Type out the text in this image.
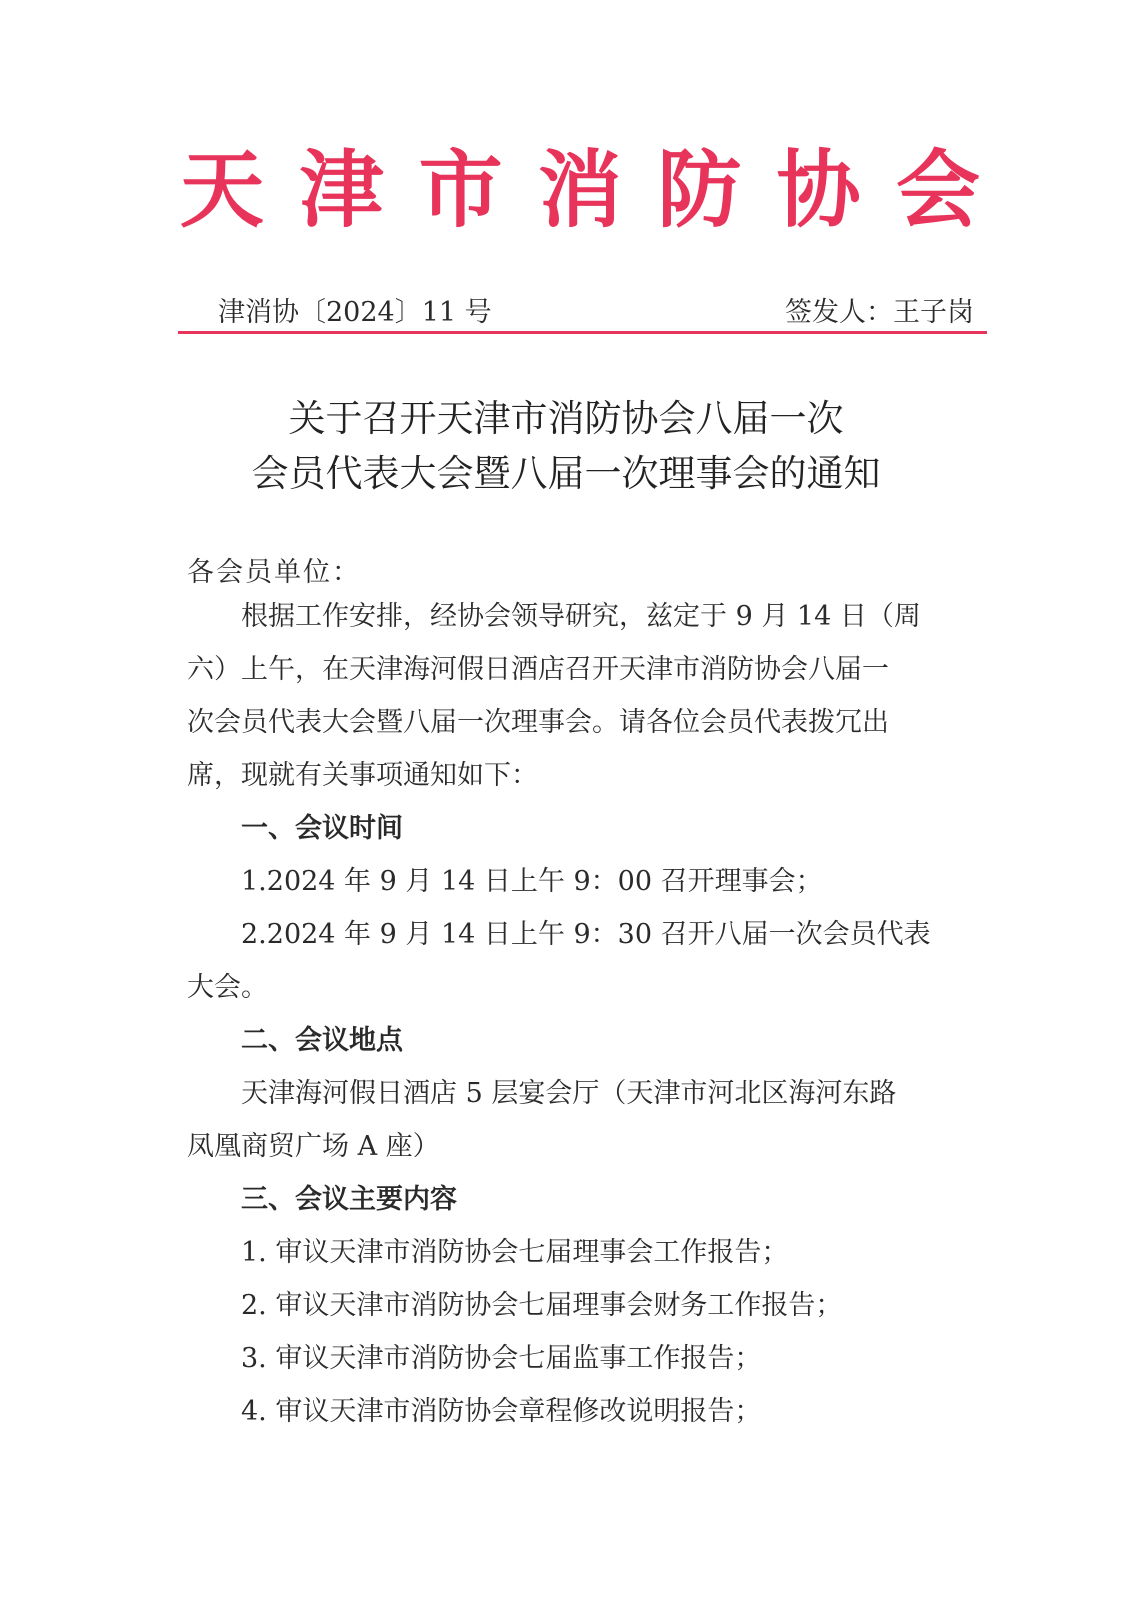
天 津 市 消 防 协 会
津消协〔2024〕11 号	签发人：王子岗
关于召开天津市消防协会八届一次
会员代表大会暨八届一次理事会的通知
各会员单位：

根据工作安排，经协会领导研究，兹定于 9 月 14 日（周

六）上午，在天津海河假日酒店召开天津市消防协会八届一

次会员代表大会暨八届一次理事会。请各位会员代表拨冗出

席，现就有关事项通知如下：

一、会议时间

1.2024 年 9 月 14 日上午 9：00 召开理事会；

2.2024 年 9 月 14 日上午 9：30 召开八届一次会员代表

大会。

二、会议地点

天津海河假日酒店 5 层宴会厅（天津市河北区海河东路

凤凰商贸广场 A 座）

三、会议主要内容

1. 审议天津市消防协会七届理事会工作报告；

2. 审议天津市消防协会七届理事会财务工作报告；

3. 审议天津市消防协会七届监事工作报告；

4. 审议天津市消防协会章程修改说明报告；
